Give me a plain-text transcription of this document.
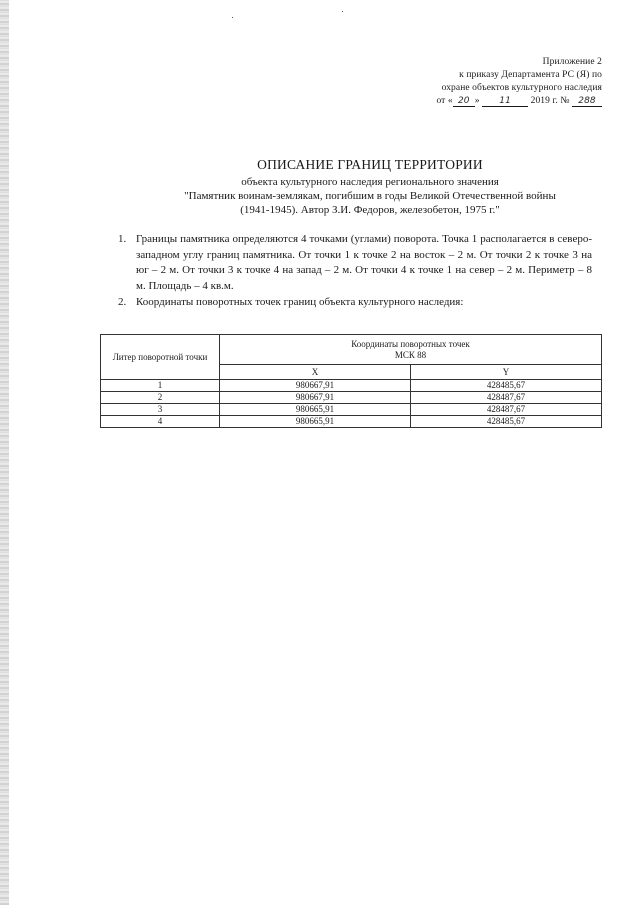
Приложение 2
к приказу Департамента РС (Я) по
охране объектов культурного наследия
от « 20 » 11 2019 г. № 288
ОПИСАНИЕ ГРАНИЦ ТЕРРИТОРИИ
объекта культурного наследия регионального значения
"Памятник воинам-землякам, погибшим в годы Великой Отечественной войны
(1941-1945). Автор З.И. Федоров, железобетон, 1975 г."
1. Границы памятника определяются 4 точками (углами) поворота. Точка 1 располагается в северо-западном углу границ памятника. От точки 1 к точке 2 на восток – 2 м. От точки 2 к точке 3 на юг – 2 м. От точки 3 к точке 4 на запад – 2 м. От точки 4 к точке 1 на север – 2 м. Периметр – 8 м. Площадь – 4 кв.м.
2. Координаты поворотных точек границ объекта культурного наследия:
Литер поворотной точки	Координаты поворотных точек
МСК 88	

	X	Y
1	980667,91	428485,67
2	980667,91	428487,67
3	980665,91	428487,67
4	980665,91	428485,67
